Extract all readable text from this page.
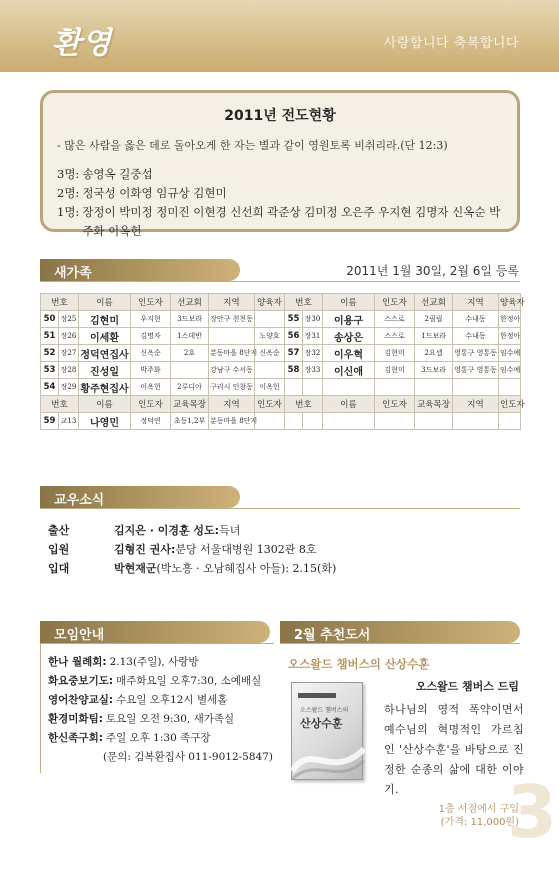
환영	사랑합니다 축복합니다
2011년 전도현황
- 많은 사람을 옳은 데로 돌아오게 한 자는 별과 같이 영원토록 비취리라.(단 12:3)
3명: 송영옥 길중섭
2명: 정국성 이화영 임규상 김현미
1명: 장정이 박미정 정미진 이현경 신선희 곽준상 김미정 오은주 우지현 김명자 신옥순 박주화 이옥헌
새가족	2011년 1월 30일, 2월 6일 등록
번호		이름	인도자	선교회	지역	양육자	번호		이름	인도자	선교회	지역	양육자
50	장25	김현미	우지현	3드보라	장안구 천천동		55	장30	이용구	스스로	2필립	수내동	한정아
51	장26	이세환	김명자	1스데반		노양호	56	장31	송상은	스스로	1드보라	수내동	한정아
52	장27	정덕연집사	신옥순	2호	분동마을 8단지	신옥순	57	장32	이우혁	김현미	2요셉	영통구 영통동	임수예
53	장28	진성일	박주화		강남구 수서동		58	장33	이신애	김현미	3드보라	영통구 영통동	임수예
54	장29	황주현집사	이옥헌	2루디아	구리시 인창동	이옥헌							
번호		이름	인도자	교육목장	지역	인도자	번호		이름	인도자	교육목장	지역	인도자
59	교13	나영민	정덕연	초등1,2부	분동마을 8단지								
교우소식
출산	김지은 · 이경훈 성도: 득녀
입원	김형진 권사: 분당 서울대병원 1302관 8호
입대	박현재군 (박노흥 · 오남혜집사 아들): 2.15(화)
모임안내
한나 월례회: 2.13(주일), 사랑방
화요중보기도: 매주화요일 오후7:30, 소예배실
영어찬양교실: 수요일 오후12시 별세홀
환경미화팀: 토요일 오전 9:30, 새가족실
한신족구회: 주일 오후 1:30 족구장
(문의: 김복환집사 011-9012-5847)
2월 추천도서
오스왈드 챔버스의 산상수훈
오스왈드 챔버스 드림
오스왈드 챔버스의
산상수훈
하나님의 영적 폭약이면서 예수님의 혁명적인 가르침인 '산상수훈'을 바탕으로 진정한 순종의 삶에 대한 이야기.
1층 서점에서 구입
(가격: 11,000원)
3
